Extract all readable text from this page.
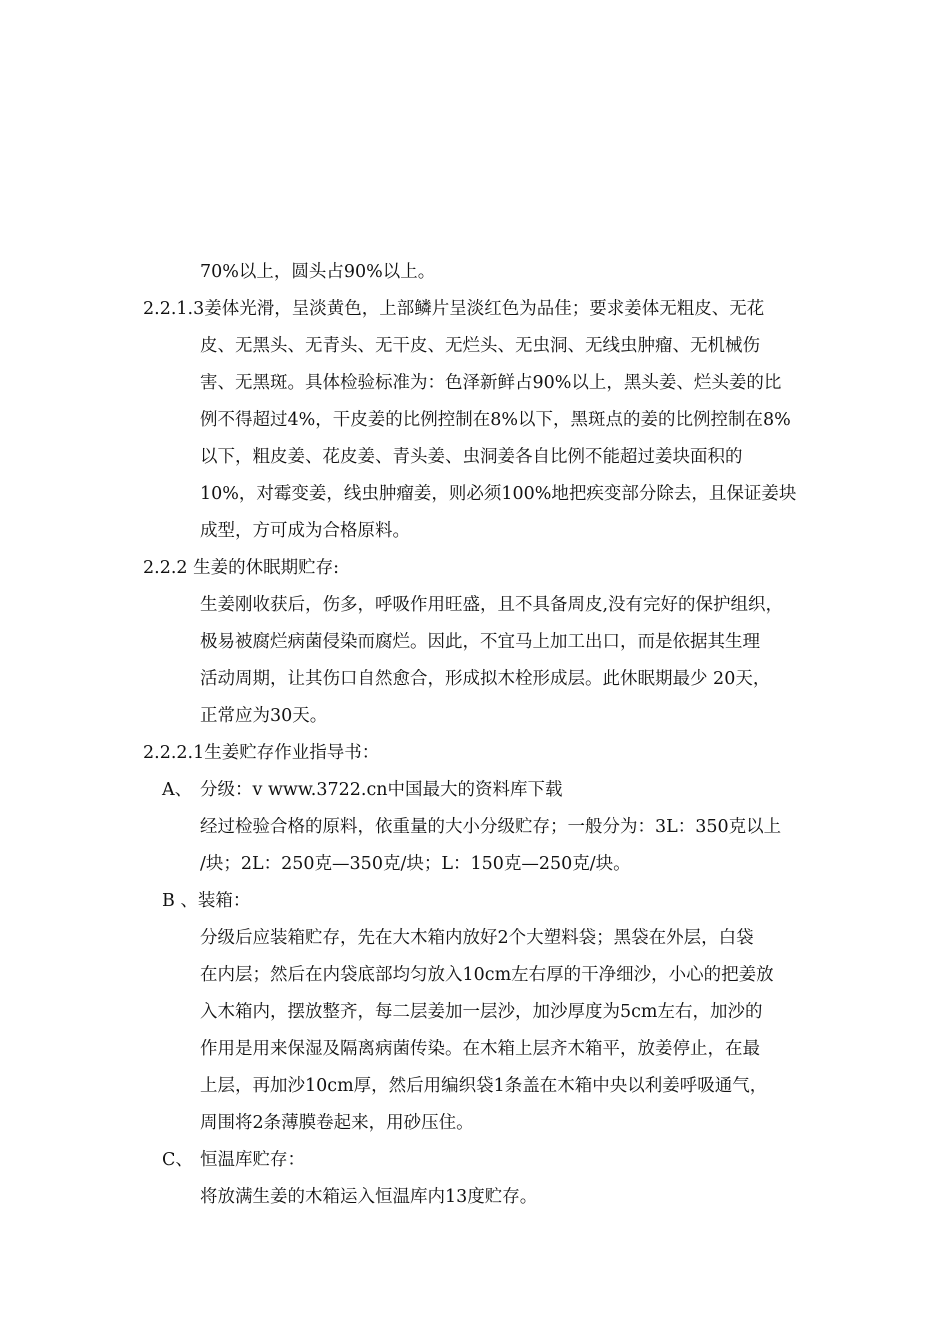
70%以上，圆头占90%以上。
2.2.1.3姜体光滑，呈淡黄色，上部鳞片呈淡红色为品佳；要求姜体无粗皮、无花
皮、无黑头、无青头、无干皮、无烂头、无虫洞、无线虫肿瘤、无机械伤
害、无黑斑。具体检验标准为：色泽新鲜占90%以上，黑头姜、烂头姜的比
例不得超过4%，干皮姜的比例控制在8%以下，黑斑点的姜的比例控制在8%
以下，粗皮姜、花皮姜、青头姜、虫洞姜各自比例不能超过姜块面积的
10%，对霉变姜，线虫肿瘤姜，则必须100%地把疾变部分除去，且保证姜块
成型，方可成为合格原料。
2.2.2 生姜的休眠期贮存:
生姜刚收获后，伤多，呼吸作用旺盛，且不具备周皮,没有完好的保护组织，
极易被腐烂病菌侵染而腐烂。因此，不宜马上加工出口，而是依据其生理
活动周期，让其伤口自然愈合，形成拟木栓形成层。此休眠期最少 20天，
正常应为30天。
2.2.2.1生姜贮存作业指导书：
A、 分级：v www.3722.cn中国最大的资料库下载
经过检验合格的原料，依重量的大小分级贮存；一般分为：3L：350克以上
/块；2L：250克—350克/块；L：150克—250克/块。
B 、装箱：
分级后应装箱贮存，先在大木箱内放好2个大塑料袋；黑袋在外层，白袋
在内层；然后在内袋底部均匀放入10cm左右厚的干净细沙，小心的把姜放
入木箱内，摆放整齐，每二层姜加一层沙，加沙厚度为5cm左右，加沙的
作用是用来保湿及隔离病菌传染。在木箱上层齐木箱平，放姜停止，在最
上层，再加沙10cm厚，然后用编织袋1条盖在木箱中央以利姜呼吸通气，
周围将2条薄膜卷起来，用砂压住。
C、 恒温库贮存：
将放满生姜的木箱运入恒温库内13度贮存。
